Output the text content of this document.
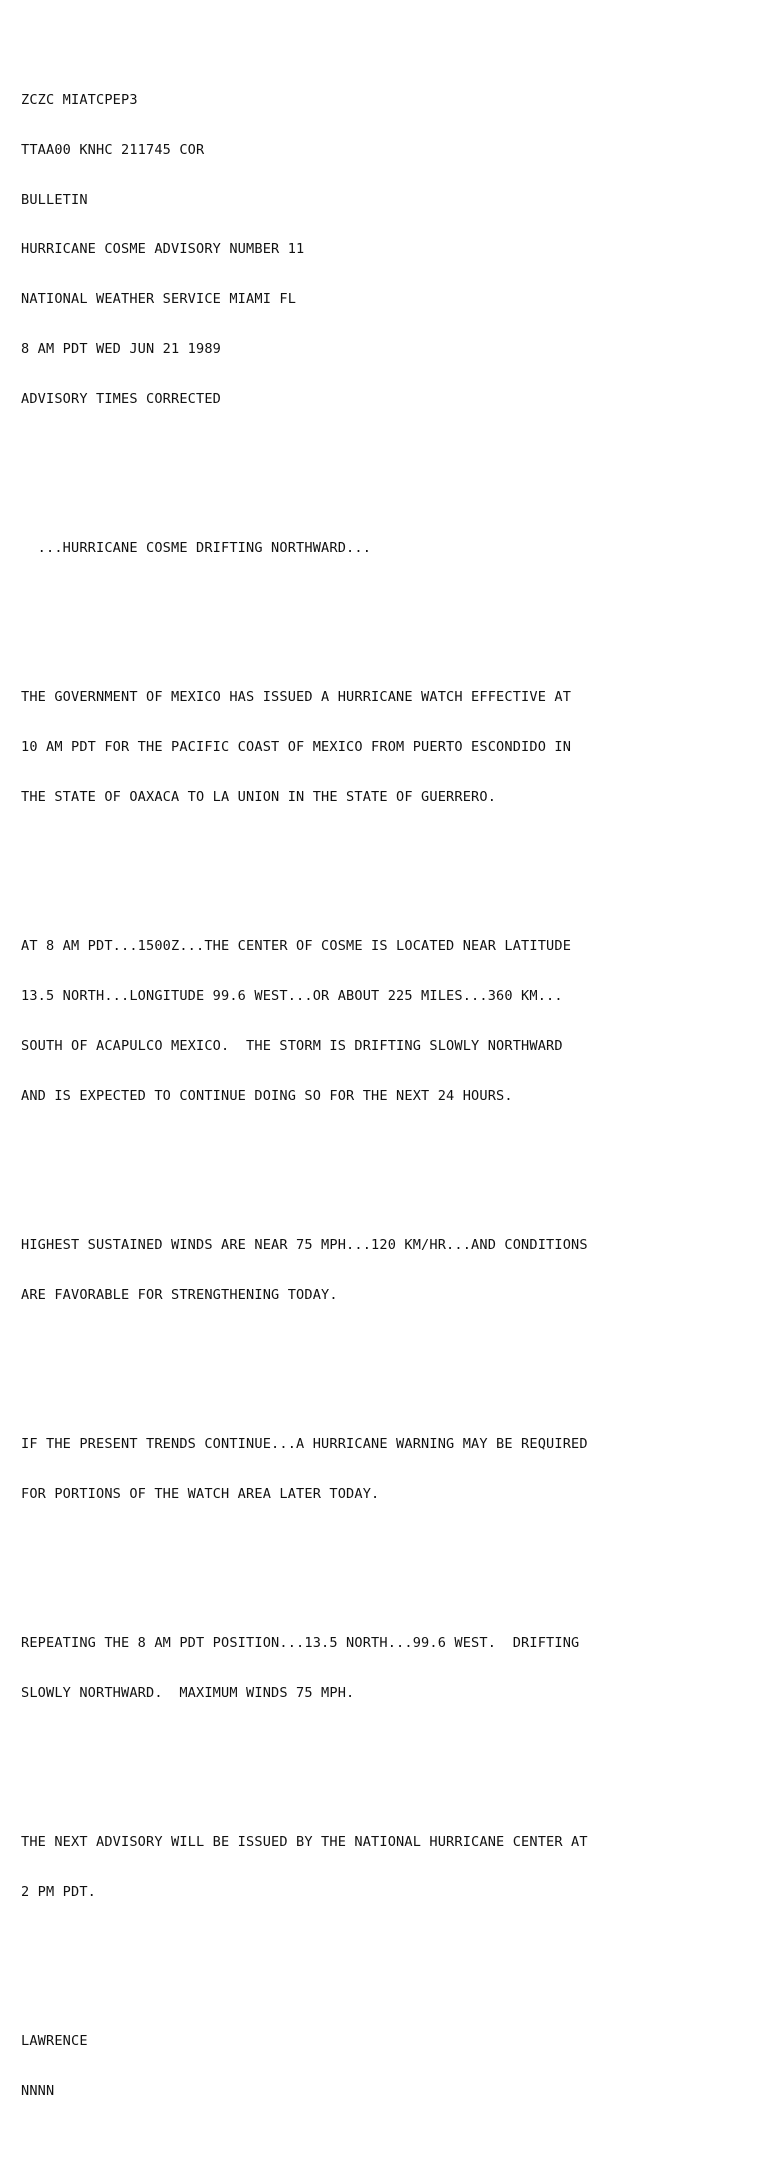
ZCZC MIATCPEP3

TTAA00 KNHC 211745 COR

BULLETIN

HURRICANE COSME ADVISORY NUMBER 11

NATIONAL WEATHER SERVICE MIAMI FL

8 AM PDT WED JUN 21 1989

ADVISORY TIMES CORRECTED

...HURRICANE COSME DRIFTING NORTHWARD...

THE GOVERNMENT OF MEXICO HAS ISSUED A HURRICANE WATCH EFFECTIVE AT

10 AM PDT FOR THE PACIFIC COAST OF MEXICO FROM PUERTO ESCONDIDO IN

THE STATE OF OAXACA TO LA UNION IN THE STATE OF GUERRERO.

AT 8 AM PDT...1500Z...THE CENTER OF COSME IS LOCATED NEAR LATITUDE

13.5 NORTH...LONGITUDE 99.6 WEST...OR ABOUT 225 MILES...360 KM...

SOUTH OF ACAPULCO MEXICO.  THE STORM IS DRIFTING SLOWLY NORTHWARD

AND IS EXPECTED TO CONTINUE DOING SO FOR THE NEXT 24 HOURS.

HIGHEST SUSTAINED WINDS ARE NEAR 75 MPH...120 KM/HR...AND CONDITIONS

ARE FAVORABLE FOR STRENGTHENING TODAY.

IF THE PRESENT TRENDS CONTINUE...A HURRICANE WARNING MAY BE REQUIRED

FOR PORTIONS OF THE WATCH AREA LATER TODAY.

REPEATING THE 8 AM PDT POSITION...13.5 NORTH...99.6 WEST.  DRIFTING

SLOWLY NORTHWARD.  MAXIMUM WINDS 75 MPH.

THE NEXT ADVISORY WILL BE ISSUED BY THE NATIONAL HURRICANE CENTER AT

2 PM PDT.

LAWRENCE

NNNN
